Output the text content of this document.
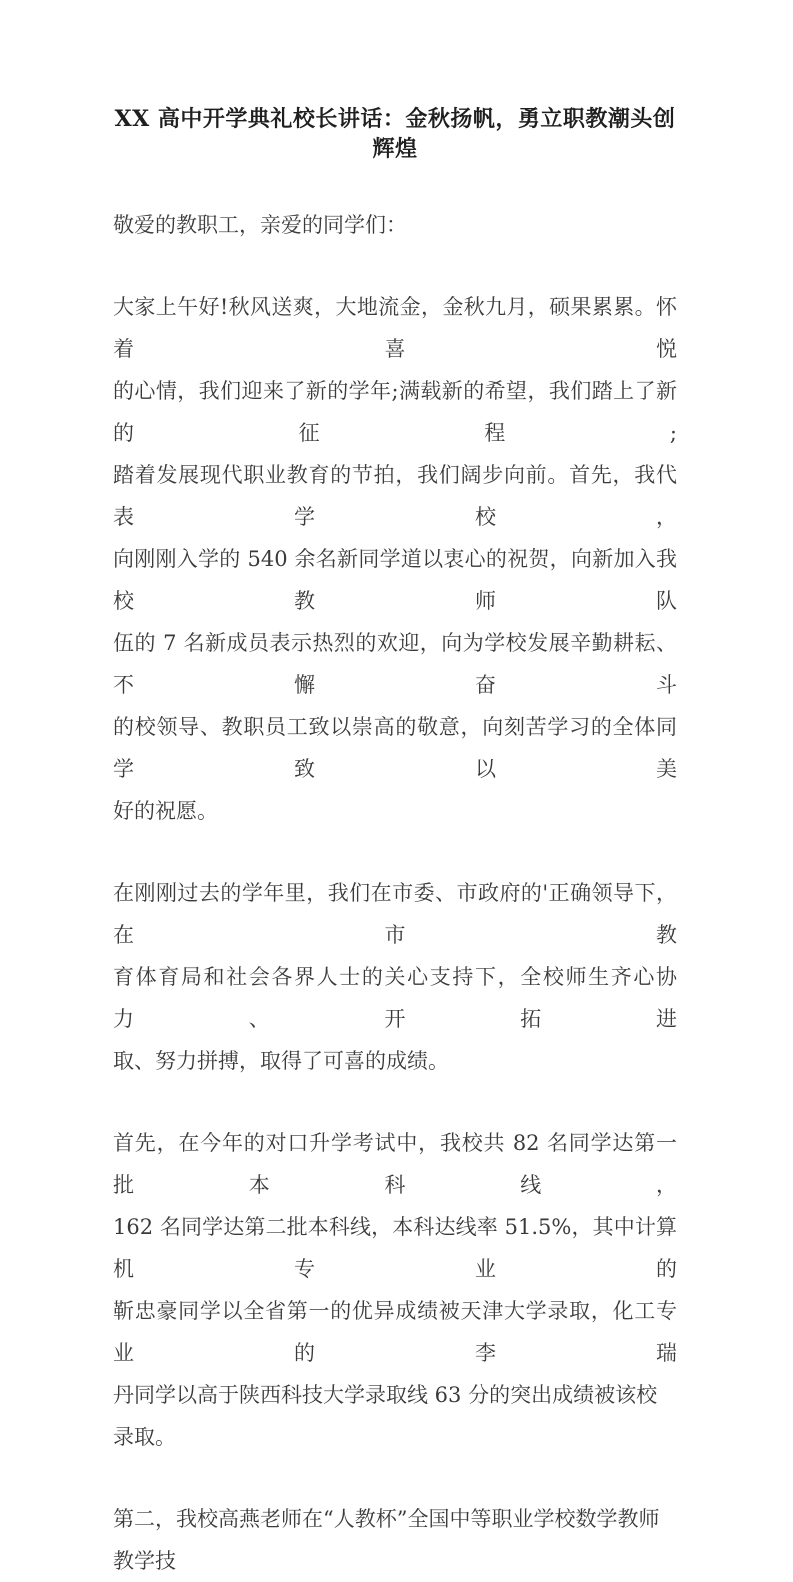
XX 高中开学典礼校长讲话：金秋扬帆，勇立职教潮头创辉煌
敬爱的教职工，亲爱的同学们：
大家上午好!秋风送爽，大地流金，金秋九月，硕果累累。怀着喜悦
的心情，我们迎来了新的学年;满载新的希望，我们踏上了新的征程;
踏着发展现代职业教育的节拍，我们阔步向前。首先，我代表学校，
向刚刚入学的 540 余名新同学道以衷心的祝贺，向新加入我校教师队
伍的 7 名新成员表示热烈的欢迎，向为学校发展辛勤耕耘、不懈奋斗
的校领导、教职员工致以崇高的敬意，向刻苦学习的全体同学致以美
好的祝愿。
在刚刚过去的学年里，我们在市委、市政府的'正确领导下，在市教
育体育局和社会各界人士的关心支持下，全校师生齐心协力、开拓进
取、努力拼搏，取得了可喜的成绩。
首先，在今年的对口升学考试中，我校共 82 名同学达第一批本科线，
162 名同学达第二批本科线，本科达线率 51.5%，其中计算机专业的
靳忠豪同学以全省第一的优异成绩被天津大学录取，化工专业的李瑞
丹同学以高于陕西科技大学录取线 63 分的突出成绩被该校录取。
第二，我校高燕老师在“人教杯”全国中等职业学校数学教师教学技
